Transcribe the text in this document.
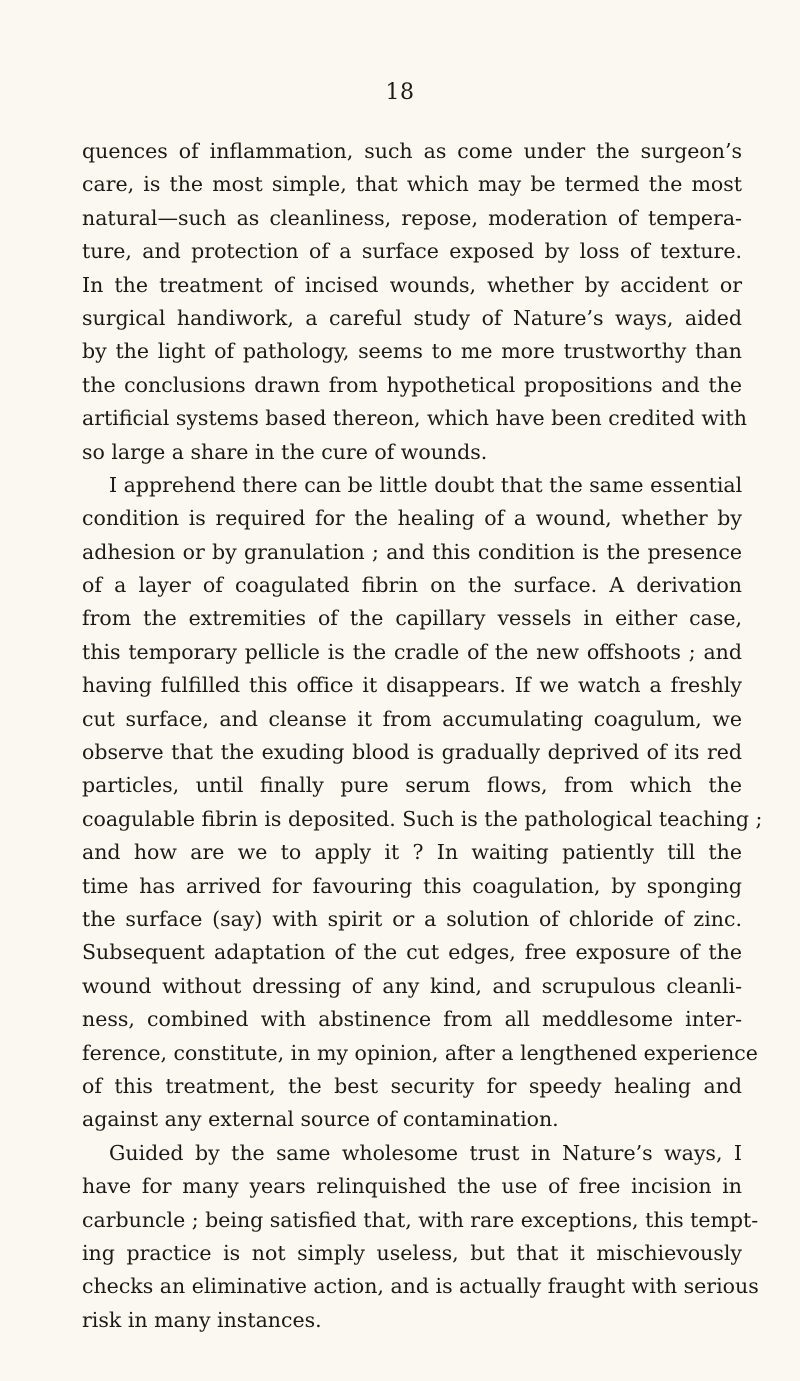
18
quences of inflammation, such as come under the surgeon’s
care, is the most simple, that which may be termed the most
natural—such as cleanliness, repose, moderation of tempera-
ture, and protection of a surface exposed by loss of texture.
In the treatment of incised wounds, whether by accident or
surgical handiwork, a careful study of Nature’s ways, aided
by the light of pathology, seems to me more trustworthy than
the conclusions drawn from hypothetical propositions and the
artificial systems based thereon, which have been credited with
so large a share in the cure of wounds.
I apprehend there can be little doubt that the same essential
condition is required for the healing of a wound, whether by
adhesion or by granulation ; and this condition is the presence
of a layer of coagulated fibrin on the surface. A derivation
from the extremities of the capillary vessels in either case,
this temporary pellicle is the cradle of the new offshoots ; and
having fulfilled this office it disappears. If we watch a freshly
cut surface, and cleanse it from accumulating coagulum, we
observe that the exuding blood is gradually deprived of its red
particles, until finally pure serum flows, from which the
coagulable fibrin is deposited. Such is the pathological teaching ;
and how are we to apply it ? In waiting patiently till the
time has arrived for favouring this coagulation, by sponging
the surface (say) with spirit or a solution of chloride of zinc.
Subsequent adaptation of the cut edges, free exposure of the
wound without dressing of any kind, and scrupulous cleanli-
ness, combined with abstinence from all meddlesome inter-
ference, constitute, in my opinion, after a lengthened experience
of this treatment, the best security for speedy healing and
against any external source of contamination.
Guided by the same wholesome trust in Nature’s ways, I
have for many years relinquished the use of free incision in
carbuncle ; being satisfied that, with rare exceptions, this tempt-
ing practice is not simply useless, but that it mischievously
checks an eliminative action, and is actually fraught with serious
risk in many instances.
